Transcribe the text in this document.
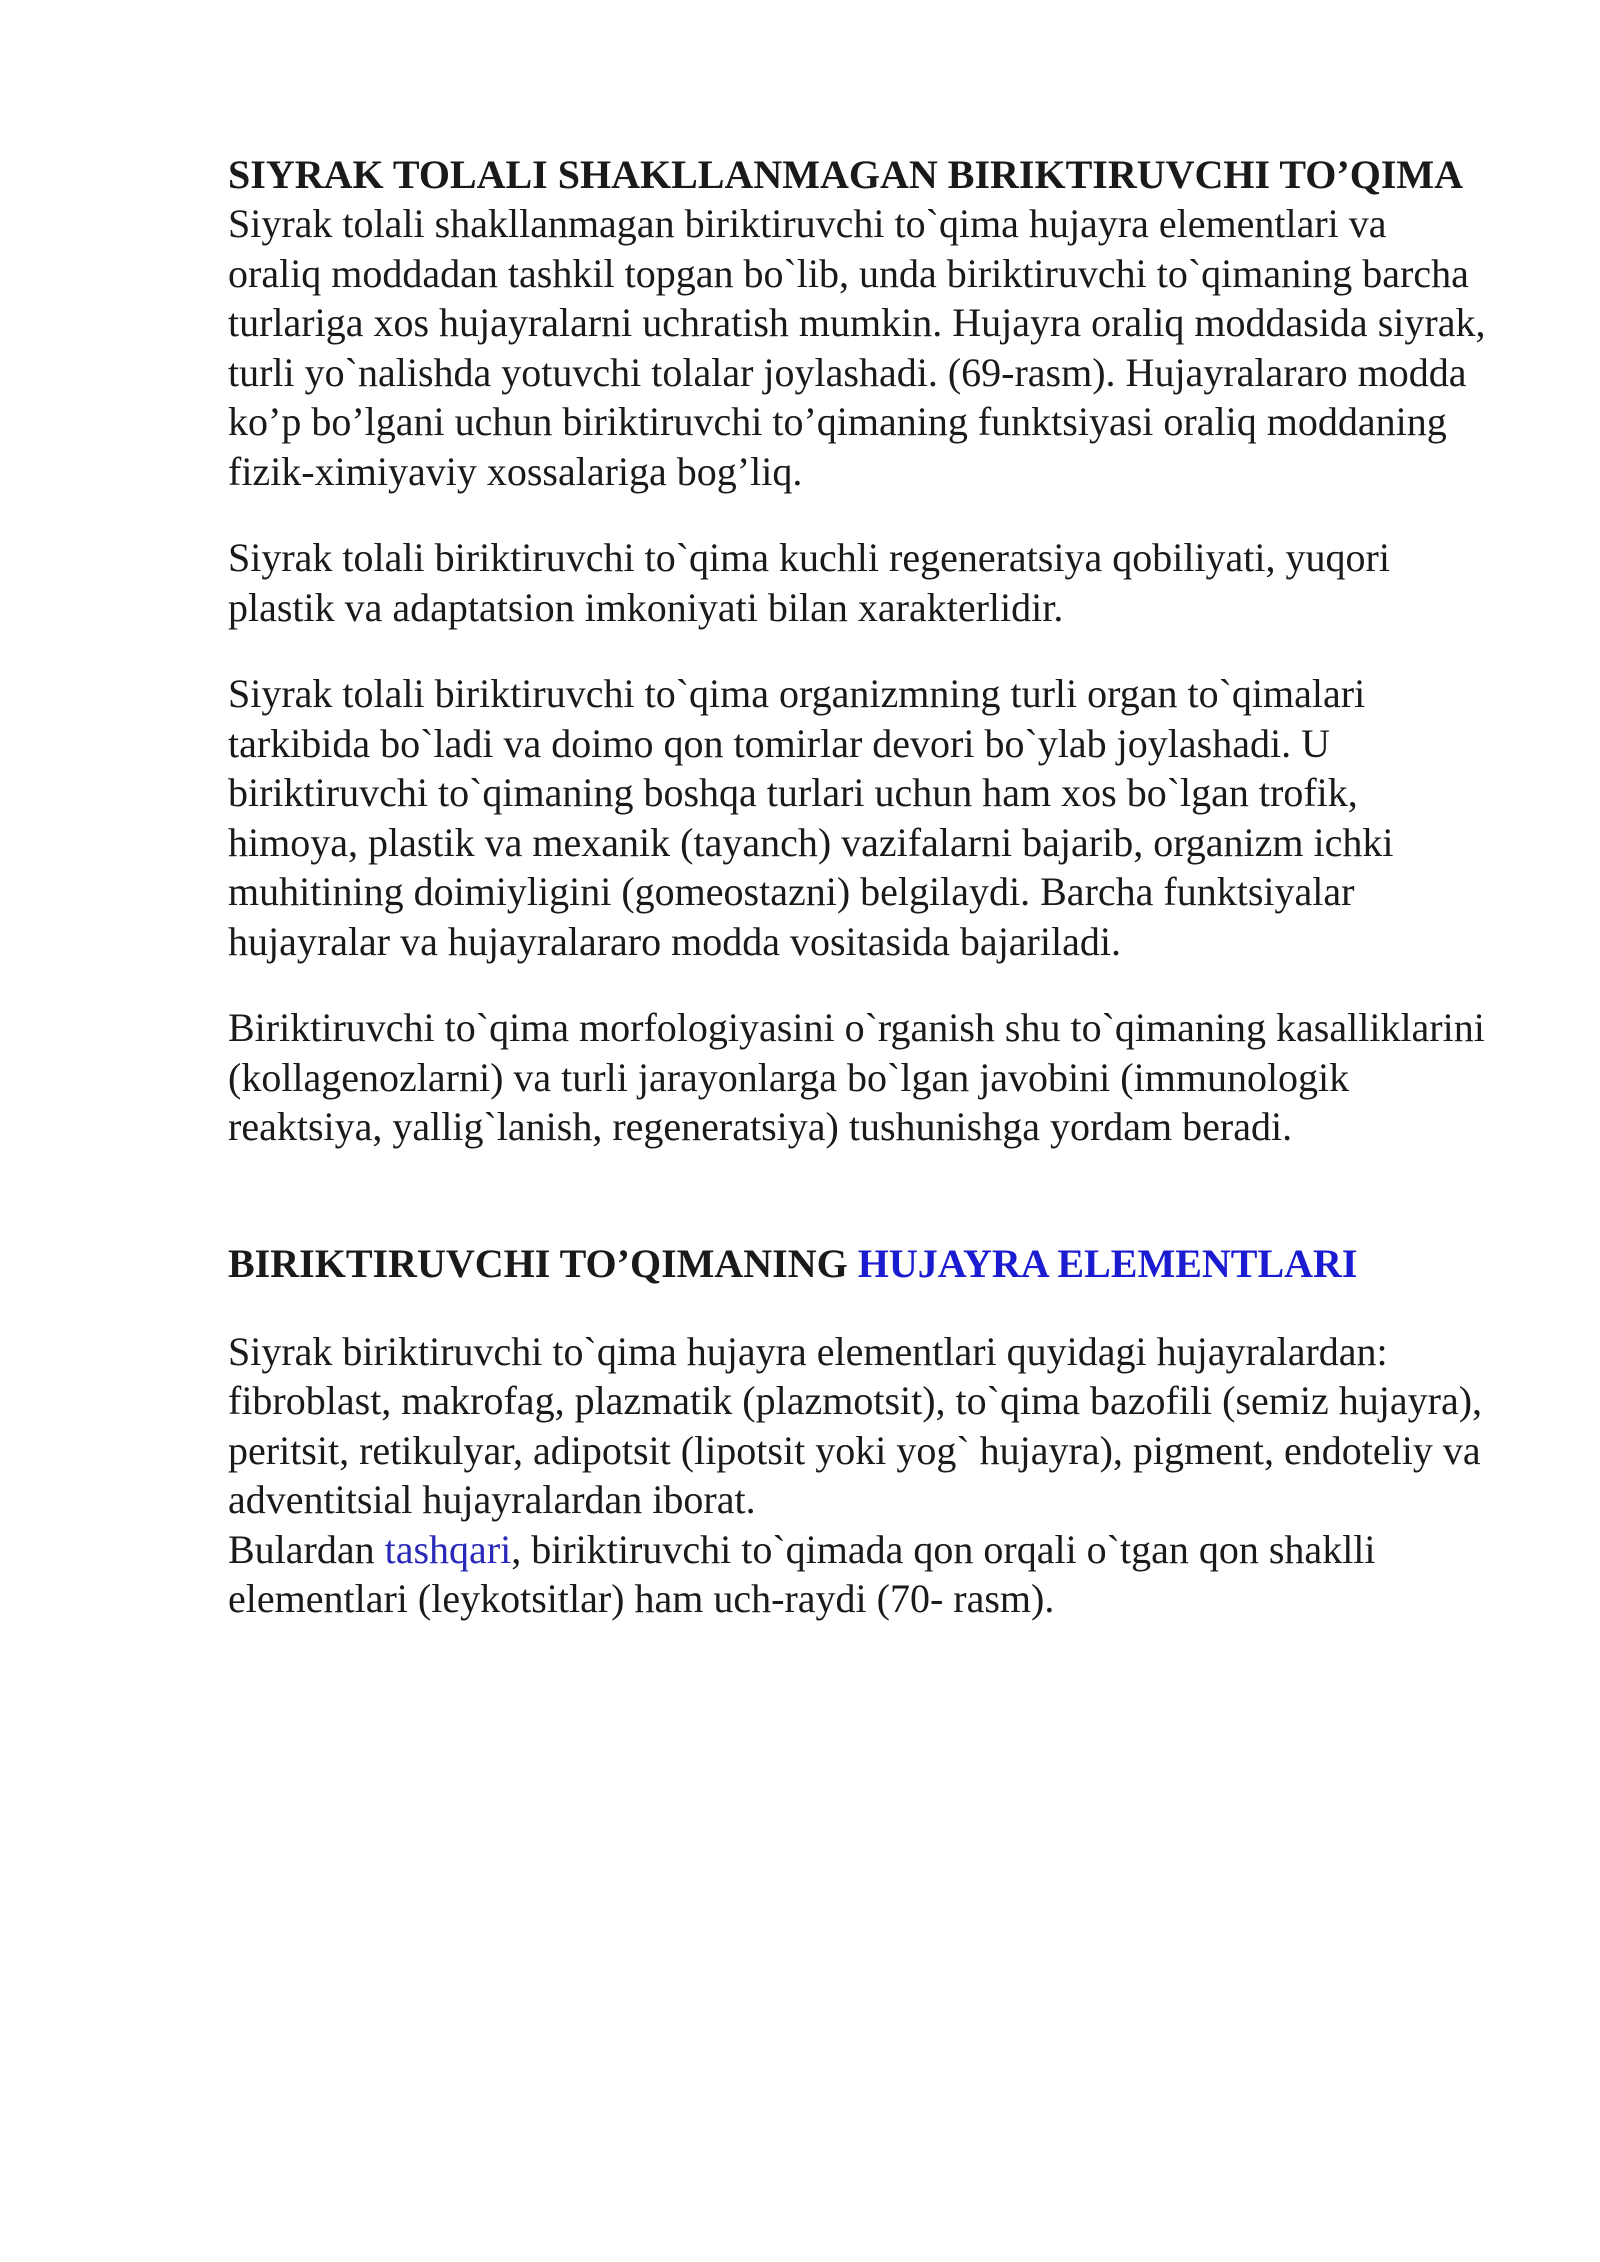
SIYRAK TOLALI SHAKLLANMAGAN BIRIKTIRUVCHI TO’QIMA

Siyrak tolali shakllanmagan biriktiruvchi to`qima hujayra elementlari va oraliq moddadan tashkil topgan bo`lib, unda biriktiruvchi to`qimaning barcha turlariga xos hujayralarni uchratish mumkin. Hujayra oraliq moddasida siyrak, turli yo`nalishda yotuvchi tolalar joylashadi. (69-rasm). Hujayralararo modda ko’p bo’lgani uchun biriktiruvchi to’qimaning funktsiyasi oraliq moddaning fizik-ximiyaviy xossalariga bog’liq.

Siyrak tolali biriktiruvchi to`qima kuchli regeneratsiya qobiliyati, yuqori plastik va adaptatsion imkoniyati bilan xarakterlidir.

Siyrak tolali biriktiruvchi to`qima organizmning turli organ to`qimalari tarkibida bo`ladi va doimo qon tomirlar devori bo`ylab joylashadi. U biriktiruvchi to`qimaning boshqa turlari uchun ham xos bo`lgan trofik, himoya, plastik va mexanik (tayanch) vazifalarni bajarib, organizm ichki muhitining doimiyligini (gomeostazni) belgilaydi. Barcha funktsiyalar hujayralar va hujayralararo modda vositasida bajariladi.

Biriktiruvchi to`qima morfologiyasini o`rganish shu to`qimaning kasalliklarini (kollagenozlarni) va turli jarayonlarga bo`lgan javobini (immunologik reaktsiya, yallig`lanish, regeneratsiya) tushunishga yordam beradi.

BIRIKTIRUVCHI TO’QIMANING HUJAYRA ELEMENTLARI

Siyrak biriktiruvchi to`qima hujayra elementlari quyidagi hujayralardan: fibroblast, makrofag, plazmatik (plazmotsit), to`qima bazofili (semiz hujayra), peritsit, retikulyar, adipotsit (lipotsit yoki yog` hujayra), pigment, endoteliy va adventitsial hujayralardan iborat.

Bulardan tashqari, biriktiruvchi to`qimada qon orqali o`tgan qon shaklli elementlari (leykotsitlar) ham uch-raydi (70- rasm).
